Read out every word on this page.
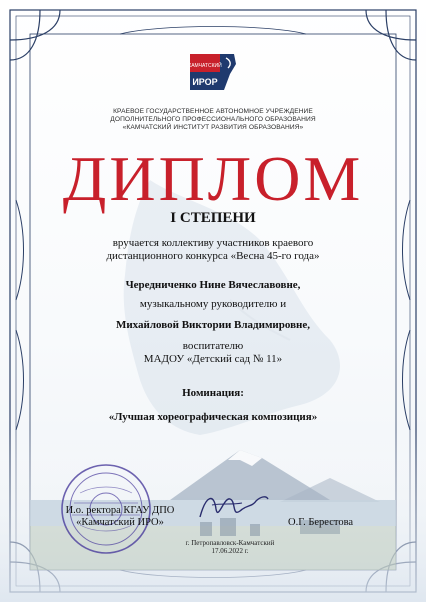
КАМЧАТСКИЙ
ИРОР
КРАЕВОЕ ГОСУДАРСТВЕННОЕ АВТОНОМНОЕ УЧРЕЖДЕНИЕ
ДОПОЛНИТЕЛЬНОГО ПРОФЕССИОНАЛЬНОГО ОБРАЗОВАНИЯ
«КАМЧАТСКИЙ ИНСТИТУТ РАЗВИТИЯ ОБРАЗОВАНИЯ»
ДИПЛОМ
I СТЕПЕНИ
вручается коллективу участников краевого
дистанционного конкурса «Весна 45-го года»
Чередниченко Нине Вячеславовне,
музыкальному руководителю и
Михайловой Виктории Владимировне,
воспитателю
МАДОУ «Детский сад № 11»
Номинация:
«Лучшая хореографическая композиция»
И.о. ректора КГАУ ДПО
«Камчатский ИРО»	О.Г. Берестова
г. Петропавловск-Камчатский
17.06.2022 г.
